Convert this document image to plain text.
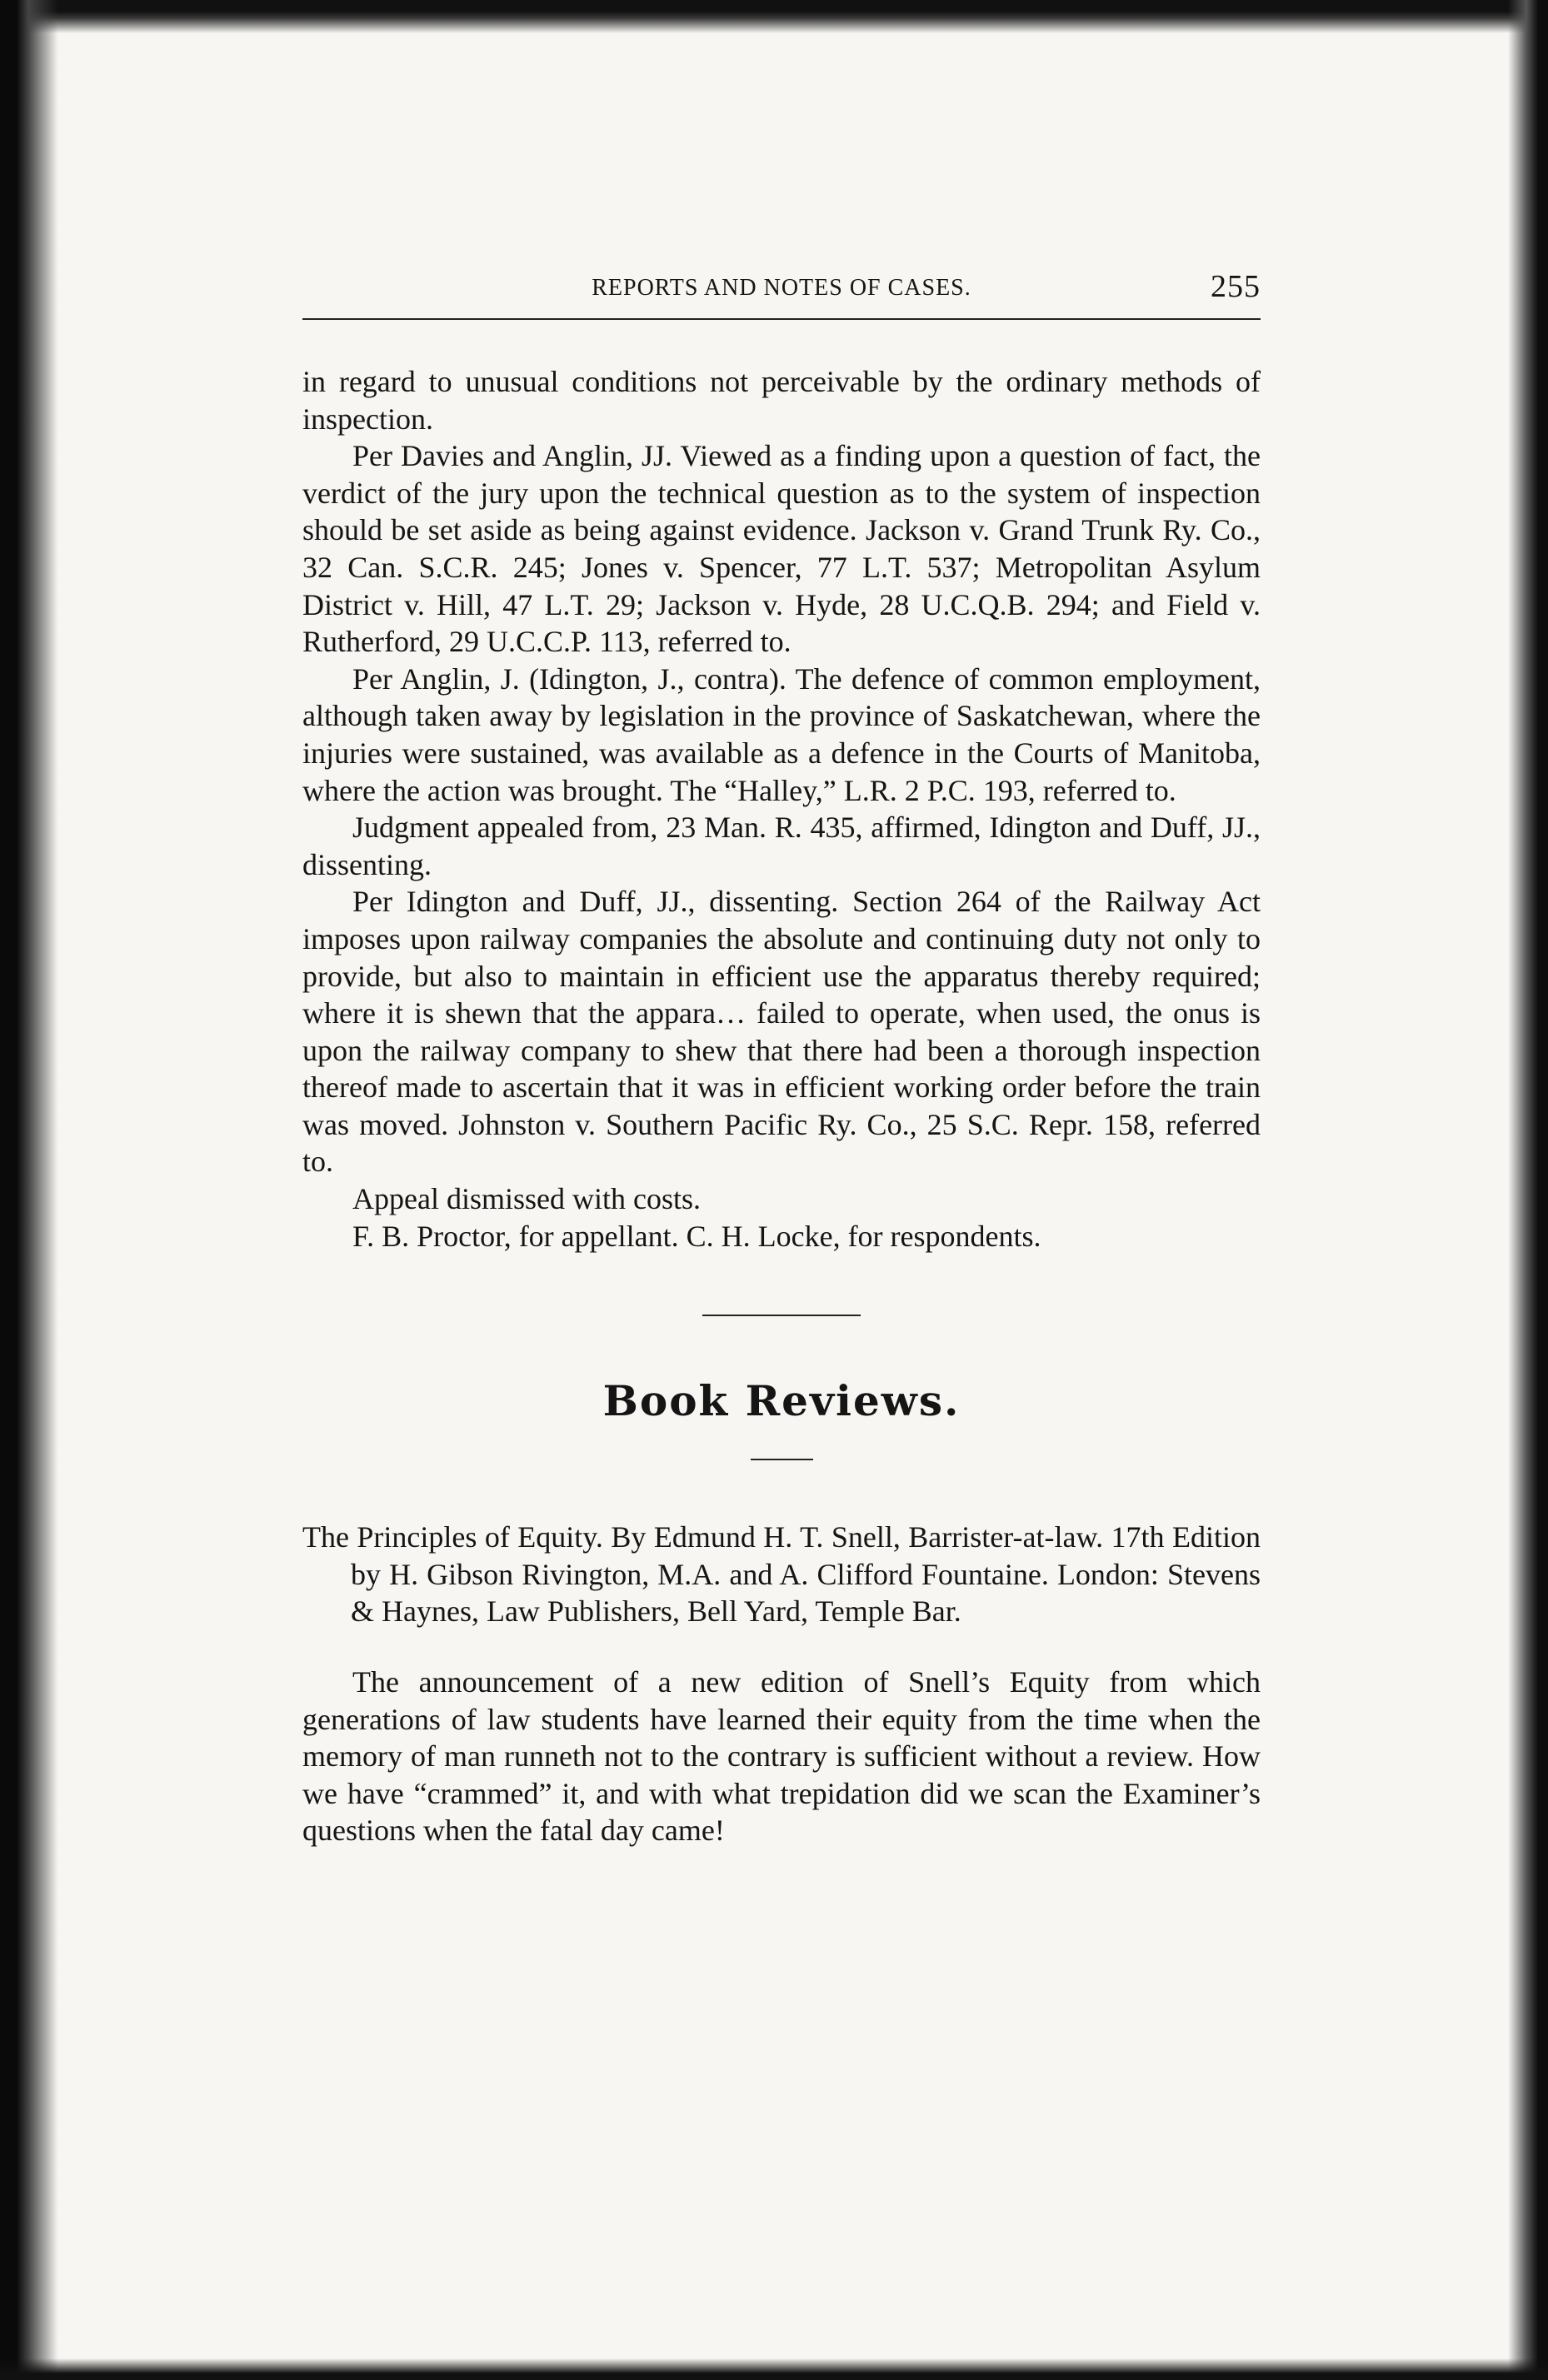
REPORTS AND NOTES OF CASES.	255

in regard to unusual conditions not perceivable by the ordinary methods of inspection.

Per Davies and Anglin, JJ. Viewed as a finding upon a question of fact, the verdict of the jury upon the technical question as to the system of inspection should be set aside as being against evidence. Jackson v. Grand Trunk Ry. Co., 32 Can. S.C.R. 245; Jones v. Spencer, 77 L.T. 537; Metropolitan Asylum District v. Hill, 47 L.T. 29; Jackson v. Hyde, 28 U.C.Q.B. 294; and Field v. Rutherford, 29 U.C.C.P. 113, referred to.

Per Anglin, J. (Idington, J., contra). The defence of common employment, although taken away by legislation in the province of Saskatchewan, where the injuries were sustained, was available as a defence in the Courts of Manitoba, where the action was brought. The “Halley,” L.R. 2 P.C. 193, referred to.

Judgment appealed from, 23 Man. R. 435, affirmed, Idington and Duff, JJ., dissenting.

Per Idington and Duff, JJ., dissenting. Section 264 of the Railway Act imposes upon railway companies the absolute and continuing duty not only to provide, but also to maintain in efficient use the apparatus thereby required; where it is shewn that the appara… failed to operate, when used, the onus is upon the railway company to shew that there had been a thorough inspection thereof made to ascertain that it was in efficient working order before the train was moved. Johnston v. Southern Pacific Ry. Co., 25 S.C. Repr. 158, referred to.

Appeal dismissed with costs.

F. B. Proctor, for appellant. C. H. Locke, for respondents.

Book Reviews.
The Principles of Equity. By Edmund H. T. Snell, Barrister-at-law. 17th Edition by H. Gibson Rivington, M.A. and A. Clifford Fountaine. London: Stevens & Haynes, Law Publishers, Bell Yard, Temple Bar.

The announcement of a new edition of Snell’s Equity from which generations of law students have learned their equity from the time when the memory of man runneth not to the contrary is sufficient without a review. How we have “crammed” it, and with what trepidation did we scan the Examiner’s questions when the fatal day came!
